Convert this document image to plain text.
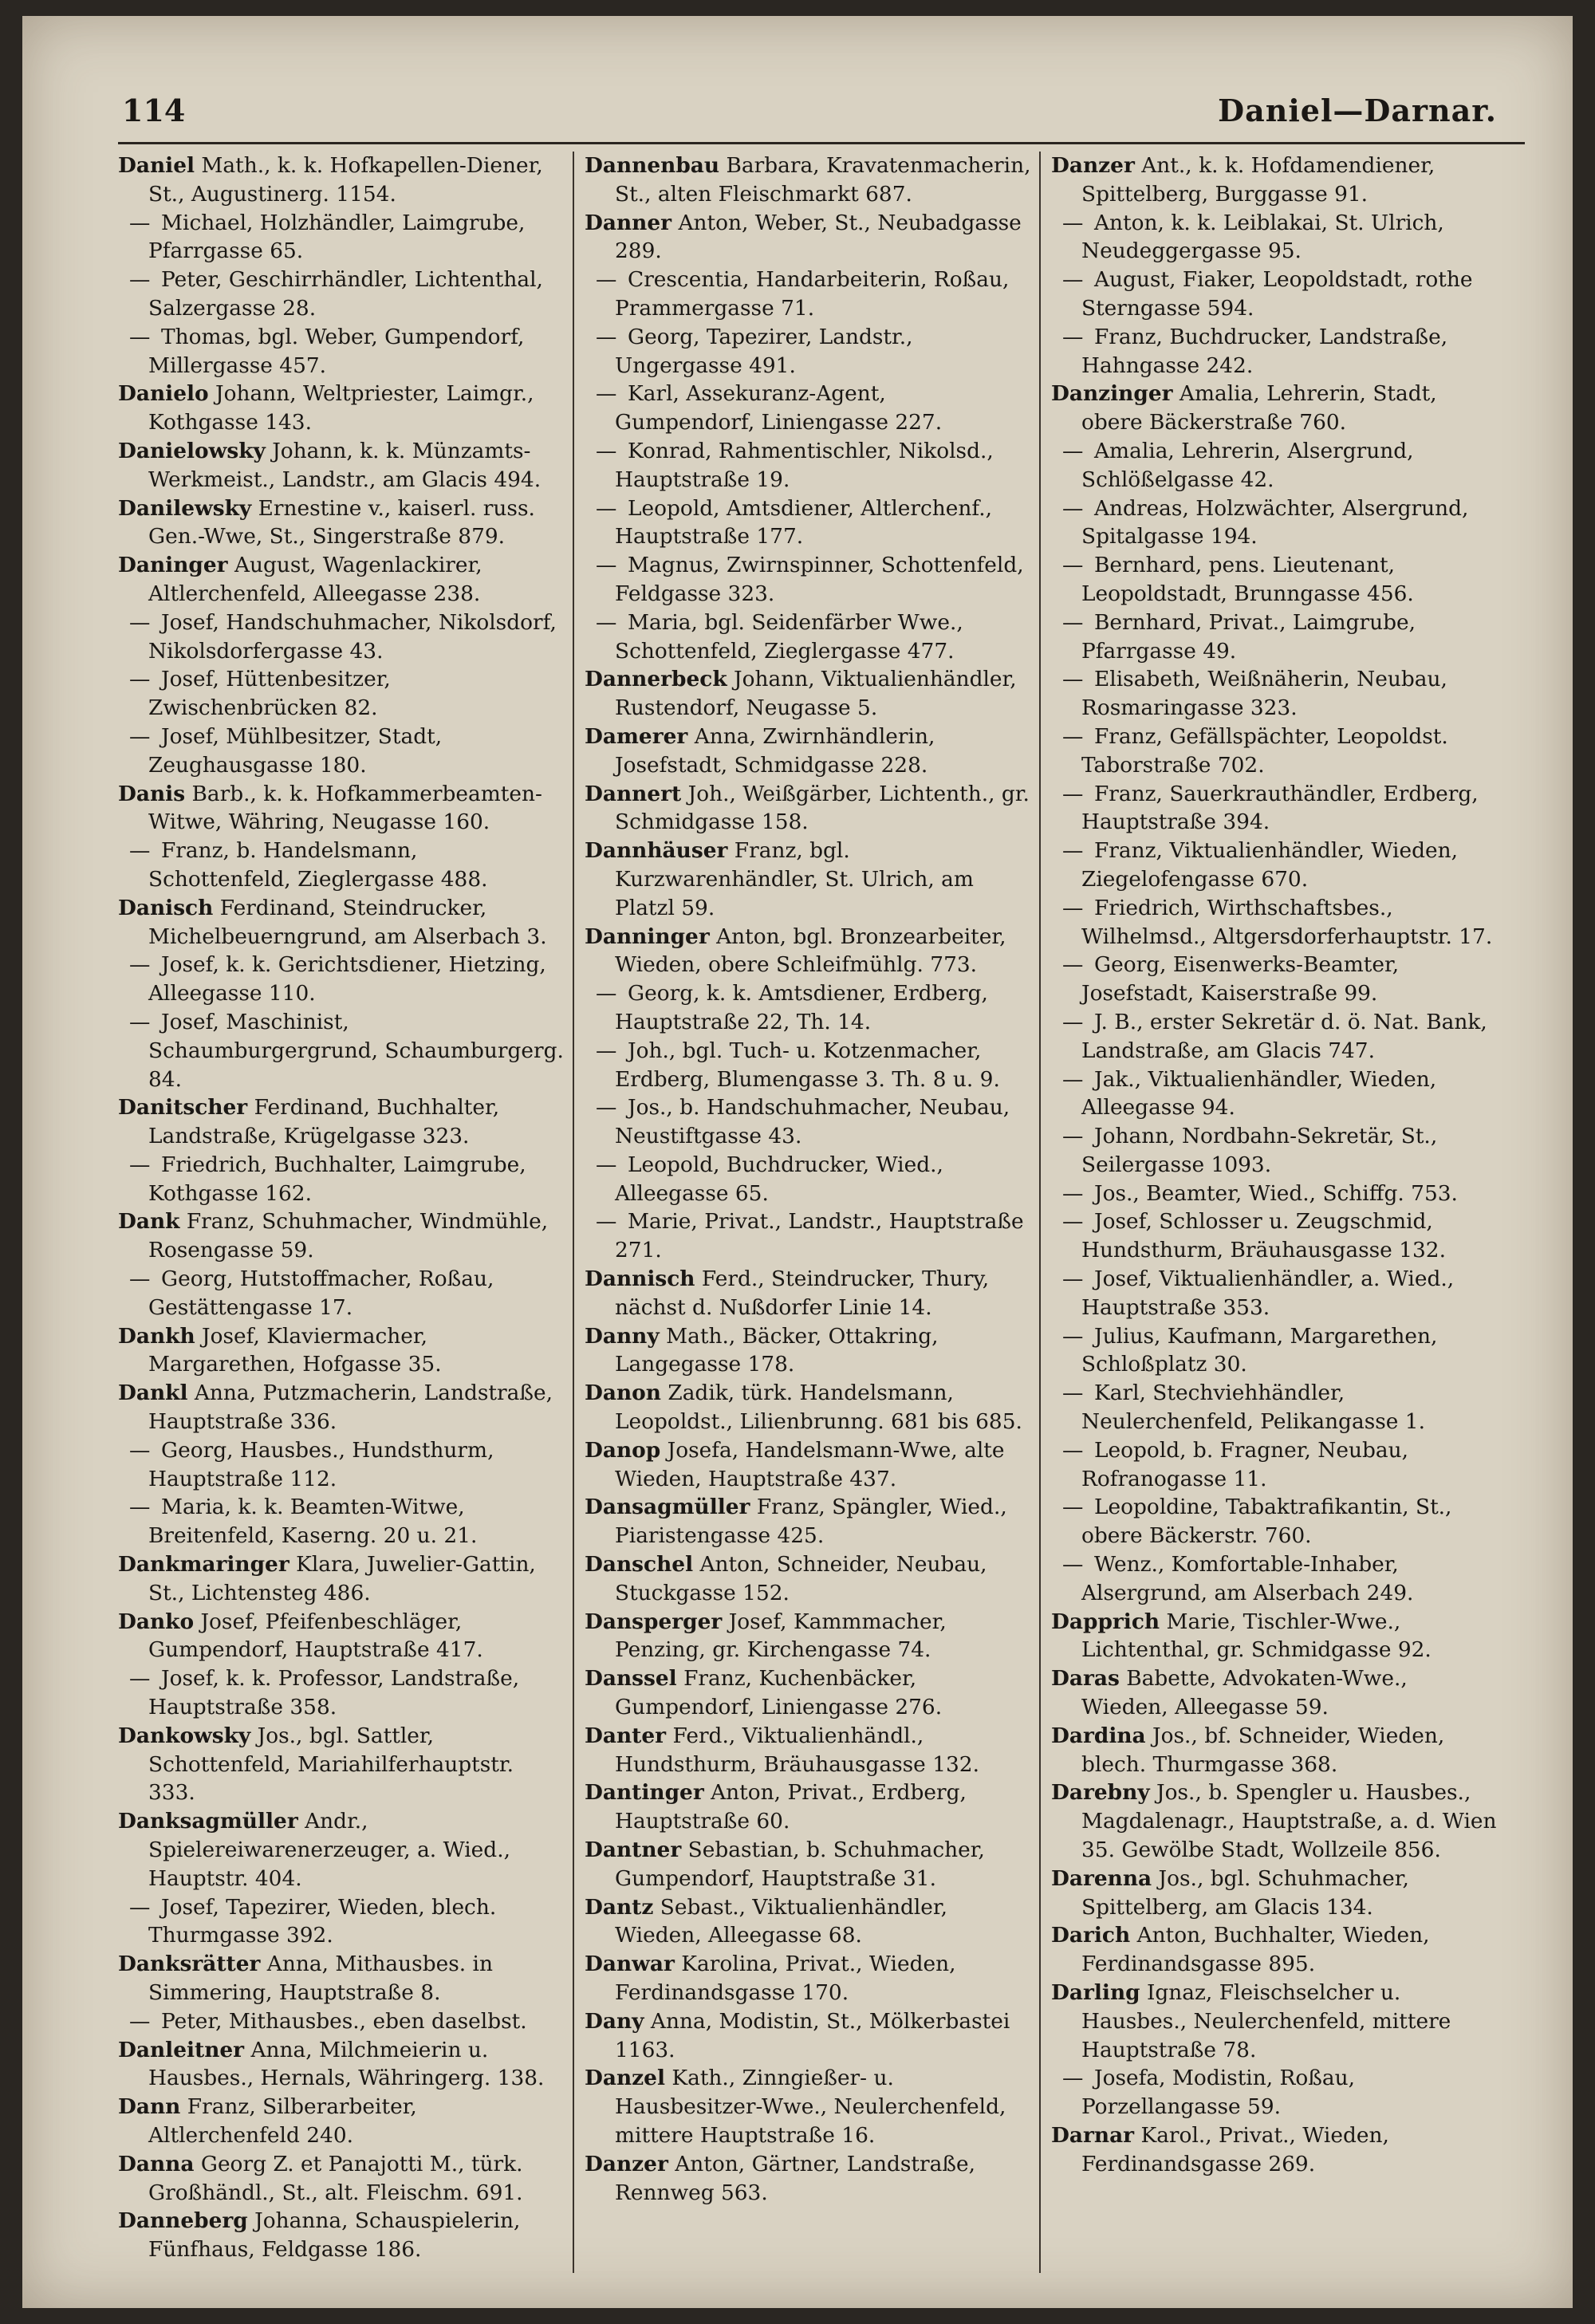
114	Daniel—Darnar.
Daniel Math., k. k. Hofkapellen-Diener, St., Augustinerg. 1154.
— Michael, Holzhändler, Laimgrube, Pfarrgasse 65.
— Peter, Geschirrhändler, Lichtenthal, Salzergasse 28.
— Thomas, bgl. Weber, Gumpendorf, Millergasse 457.
Danielo Johann, Weltpriester, Laimgr., Kothgasse 143.
Danielowsky Johann, k. k. Münzamts-Werkmeist., Landstr., am Glacis 494.
Danilewsky Ernestine v., kaiserl. russ. Gen.-Wwe, St., Singerstraße 879.
Daninger August, Wagenlackirer, Altlerchenfeld, Alleegasse 238.
— Josef, Handschuhmacher, Nikolsdorf, Nikolsdorfergasse 43.
— Josef, Hüttenbesitzer, Zwischenbrücken 82.
— Josef, Mühlbesitzer, Stadt, Zeughausgasse 180.
Danis Barb., k. k. Hofkammerbeamten-Witwe, Währing, Neugasse 160.
— Franz, b. Handelsmann, Schottenfeld, Zieglergasse 488.
Danisch Ferdinand, Steindrucker, Michelbeuerngrund, am Alserbach 3.
— Josef, k. k. Gerichtsdiener, Hietzing, Alleegasse 110.
— Josef, Maschinist, Schaumburgergrund, Schaumburgerg. 84.
Danitscher Ferdinand, Buchhalter, Landstraße, Krügelgasse 323.
— Friedrich, Buchhalter, Laimgrube, Kothgasse 162.
Dank Franz, Schuhmacher, Windmühle, Rosengasse 59.
— Georg, Hutstoffmacher, Roßau, Gestättengasse 17.
Dankh Josef, Klaviermacher, Margarethen, Hofgasse 35.
Dankl Anna, Putzmacherin, Landstraße, Hauptstraße 336.
— Georg, Hausbes., Hundsthurm, Hauptstraße 112.
— Maria, k. k. Beamten-Witwe, Breitenfeld, Kaserng. 20 u. 21.
Dankmaringer Klara, Juwelier-Gattin, St., Lichtensteg 486.
Danko Josef, Pfeifenbeschläger, Gumpendorf, Hauptstraße 417.
— Josef, k. k. Professor, Landstraße, Hauptstraße 358.
Dankowsky Jos., bgl. Sattler, Schottenfeld, Mariahilferhauptstr. 333.
Danksagmüller Andr., Spielereiwarenerzeuger, a. Wied., Hauptstr. 404.
— Josef, Tapezirer, Wieden, blech. Thurmgasse 392.
Danksrätter Anna, Mithausbes. in Simmering, Hauptstraße 8.
— Peter, Mithausbes., eben daselbst.
Danleitner Anna, Milchmeierin u. Hausbes., Hernals, Währingerg. 138.
Dann Franz, Silberarbeiter, Altlerchenfeld 240.
Danna Georg Z. et Panajotti M., türk. Großhändl., St., alt. Fleischm. 691.
Danneberg Johanna, Schauspielerin, Fünfhaus, Feldgasse 186.
Dannenbau Barbara, Kravatenmacherin, St., alten Fleischmarkt 687.
Danner Anton, Weber, St., Neubadgasse 289.
— Crescentia, Handarbeiterin, Roßau, Prammergasse 71.
— Georg, Tapezirer, Landstr., Ungergasse 491.
— Karl, Assekuranz-Agent, Gumpendorf, Liniengasse 227.
— Konrad, Rahmentischler, Nikolsd., Hauptstraße 19.
— Leopold, Amtsdiener, Altlerchenf., Hauptstraße 177.
— Magnus, Zwirnspinner, Schottenfeld, Feldgasse 323.
— Maria, bgl. Seidenfärber Wwe., Schottenfeld, Zieglergasse 477.
Dannerbeck Johann, Viktualienhändler, Rustendorf, Neugasse 5.
Damerer Anna, Zwirnhändlerin, Josefstadt, Schmidgasse 228.
Dannert Joh., Weißgärber, Lichtenth., gr. Schmidgasse 158.
Dannhäuser Franz, bgl. Kurzwarenhändler, St. Ulrich, am Platzl 59.
Danninger Anton, bgl. Bronzearbeiter, Wieden, obere Schleifmühlg. 773.
— Georg, k. k. Amtsdiener, Erdberg, Hauptstraße 22, Th. 14.
— Joh., bgl. Tuch- u. Kotzenmacher, Erdberg, Blumengasse 3. Th. 8 u. 9.
— Jos., b. Handschuhmacher, Neubau, Neustiftgasse 43.
— Leopold, Buchdrucker, Wied., Alleegasse 65.
— Marie, Privat., Landstr., Hauptstraße 271.
Dannisch Ferd., Steindrucker, Thury, nächst d. Nußdorfer Linie 14.
Danny Math., Bäcker, Ottakring, Langegasse 178.
Danon Zadik, türk. Handelsmann, Leopoldst., Lilienbrunng. 681 bis 685.
Danop Josefa, Handelsmann-Wwe, alte Wieden, Hauptstraße 437.
Dansagmüller Franz, Spängler, Wied., Piaristengasse 425.
Danschel Anton, Schneider, Neubau, Stuckgasse 152.
Dansperger Josef, Kammmacher, Penzing, gr. Kirchengasse 74.
Danssel Franz, Kuchenbäcker, Gumpendorf, Liniengasse 276.
Danter Ferd., Viktualienhändl., Hundsthurm, Bräuhausgasse 132.
Dantinger Anton, Privat., Erdberg, Hauptstraße 60.
Dantner Sebastian, b. Schuhmacher, Gumpendorf, Hauptstraße 31.
Dantz Sebast., Viktualienhändler, Wieden, Alleegasse 68.
Danwar Karolina, Privat., Wieden, Ferdinandsgasse 170.
Dany Anna, Modistin, St., Mölkerbastei 1163.
Danzel Kath., Zinngießer- u. Hausbesitzer-Wwe., Neulerchenfeld, mittere Hauptstraße 16.
Danzer Anton, Gärtner, Landstraße, Rennweg 563.
Danzer Ant., k. k. Hofdamendiener, Spittelberg, Burggasse 91.
— Anton, k. k. Leiblakai, St. Ulrich, Neudeggergasse 95.
— August, Fiaker, Leopoldstadt, rothe Sterngasse 594.
— Franz, Buchdrucker, Landstraße, Hahngasse 242.
Danzinger Amalia, Lehrerin, Stadt, obere Bäckerstraße 760.
— Amalia, Lehrerin, Alsergrund, Schlößelgasse 42.
— Andreas, Holzwächter, Alsergrund, Spitalgasse 194.
— Bernhard, pens. Lieutenant, Leopoldstadt, Brunngasse 456.
— Bernhard, Privat., Laimgrube, Pfarrgasse 49.
— Elisabeth, Weißnäherin, Neubau, Rosmaringasse 323.
— Franz, Gefällspächter, Leopoldst. Taborstraße 702.
— Franz, Sauerkrauthändler, Erdberg, Hauptstraße 394.
— Franz, Viktualienhändler, Wieden, Ziegelofengasse 670.
— Friedrich, Wirthschaftsbes., Wilhelmsd., Altgersdorferhauptstr. 17.
— Georg, Eisenwerks-Beamter, Josefstadt, Kaiserstraße 99.
— J. B., erster Sekretär d. ö. Nat. Bank, Landstraße, am Glacis 747.
— Jak., Viktualienhändler, Wieden, Alleegasse 94.
— Johann, Nordbahn-Sekretär, St., Seilergasse 1093.
— Jos., Beamter, Wied., Schiffg. 753.
— Josef, Schlosser u. Zeugschmid, Hundsthurm, Bräuhausgasse 132.
— Josef, Viktualienhändler, a. Wied., Hauptstraße 353.
— Julius, Kaufmann, Margarethen, Schloßplatz 30.
— Karl, Stechviehhändler, Neulerchenfeld, Pelikangasse 1.
— Leopold, b. Fragner, Neubau, Rofranogasse 11.
— Leopoldine, Tabaktrafikantin, St., obere Bäckerstr. 760.
— Wenz., Komfortable-Inhaber, Alsergrund, am Alserbach 249.
Dapprich Marie, Tischler-Wwe., Lichtenthal, gr. Schmidgasse 92.
Daras Babette, Advokaten-Wwe., Wieden, Alleegasse 59.
Dardina Jos., bf. Schneider, Wieden, blech. Thurmgasse 368.
Darebny Jos., b. Spengler u. Hausbes., Magdalenagr., Hauptstraße, a. d. Wien 35. Gewölbe Stadt, Wollzeile 856.
Darenna Jos., bgl. Schuhmacher, Spittelberg, am Glacis 134.
Darich Anton, Buchhalter, Wieden, Ferdinandsgasse 895.
Darling Ignaz, Fleischselcher u. Hausbes., Neulerchenfeld, mittere Hauptstraße 78.
— Josefa, Modistin, Roßau, Porzellangasse 59.
Darnar Karol., Privat., Wieden, Ferdinandsgasse 269.
